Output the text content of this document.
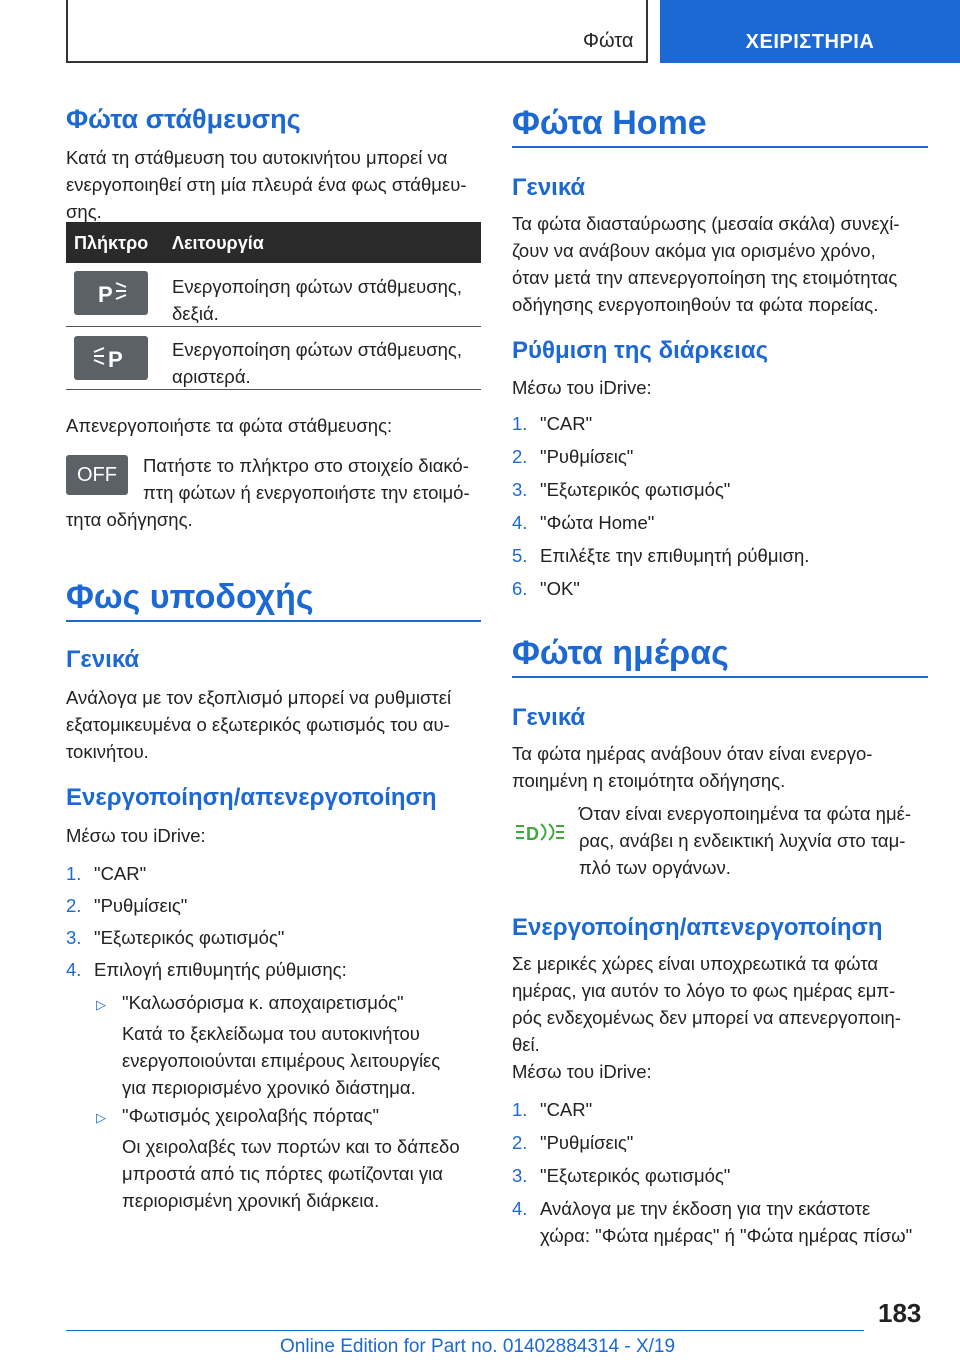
Φώτα	ΧΕΙΡΙΣΤΗΡΙΑ
Φώτα στάθμευσης
Κατά τη στάθμευση του αυτοκινήτου μπορεί να
ενεργοποιηθεί στη μία πλευρά ένα φως στάθμευ-
σης.
Πλήκτρο Λειτουργία
P	Ενεργοποίηση φώτων στάθμευσης,
δεξιά.
P	Ενεργοποίηση φώτων στάθμευσης,
αριστερά.
Απενεργοποιήστε τα φώτα στάθμευσης:
OFF	Πατήστε το πλήκτρο στο στοιχείο διακό-
πτη φώτων ή ενεργοποιήστε την ετοιμό-
τητα οδήγησης.
Φως υποδοχής
Γενικά
Ανάλογα με τον εξοπλισμό μπορεί να ρυθμιστεί
εξατομικευμένα ο εξωτερικός φωτισμός του αυ-
τοκινήτου.
Ενεργοποίηση/απενεργοποίηση
Μέσω του iDrive:
1. "CAR"
2. "Ρυθμίσεις"
3. "Εξωτερικός φωτισμός"
4. Επιλογή επιθυμητής ρύθμισης:
▷ "Καλωσόρισμα κ. αποχαιρετισμός"
Κατά το ξεκλείδωμα του αυτοκινήτου
ενεργοποιούνται επιμέρους λειτουργίες
για περιορισμένο χρονικό διάστημα.
▷ "Φωτισμός χειρολαβής πόρτας"
Οι χειρολαβές των πορτών και το δάπεδο
μπροστά από τις πόρτες φωτίζονται για
περιορισμένη χρονική διάρκεια.
Φώτα Home
Γενικά
Τα φώτα διασταύρωσης (μεσαία σκάλα) συνεχί-
ζουν να ανάβουν ακόμα για ορισμένο χρόνο,
όταν μετά την απενεργοποίηση της ετοιμότητας
οδήγησης ενεργοποιηθούν τα φώτα πορείας.
Ρύθμιση της διάρκειας
Μέσω του iDrive:
1. "CAR"
2. "Ρυθμίσεις"
3. "Εξωτερικός φωτισμός"
4. "Φώτα Home"
5. Επιλέξτε την επιθυμητή ρύθμιση.
6. "OK"
Φώτα ημέρας
Γενικά
Τα φώτα ημέρας ανάβουν όταν είναι ενεργο-
ποιημένη η ετοιμότητα οδήγησης.
D
Όταν είναι ενεργοποιημένα τα φώτα ημέ-
ρας, ανάβει η ενδεικτική λυχνία στο ταμ-
πλό των οργάνων.
Ενεργοποίηση/απενεργοποίηση
Σε μερικές χώρες είναι υποχρεωτικά τα φώτα
ημέρας, για αυτόν το λόγο το φως ημέρας εμπ-
ρός ενδεχομένως δεν μπορεί να απενεργοποιη-
θεί.
Μέσω του iDrive:
1. "CAR"
2. "Ρυθμίσεις"
3. "Εξωτερικός φωτισμός"
4. Ανάλογα με την έκδοση για την εκάστοτε
χώρα: "Φώτα ημέρας" ή "Φώτα ημέρας πίσω"
183
Online Edition for Part no. 01402884314 - X/19
